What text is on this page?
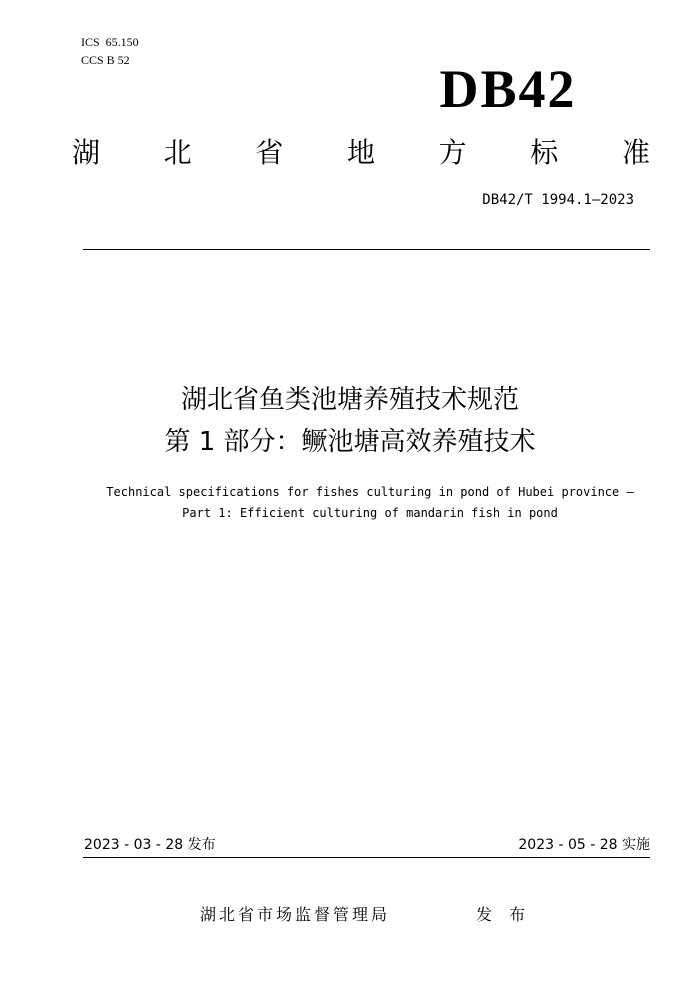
ICS  65.150
CCS B 52	DB42
湖 北 省 地 方 标 准
DB42/T 1994.1—2023
湖北省鱼类池塘养殖技术规范
第 1 部分：鳜池塘高效养殖技术
Technical specifications for fishes culturing in pond of Hubei province —
Part 1: Efficient culturing of mandarin fish in pond
2023 - 03 - 28 发布	2023 - 05 - 28 实施
湖北省市场监督管理局	发 布
